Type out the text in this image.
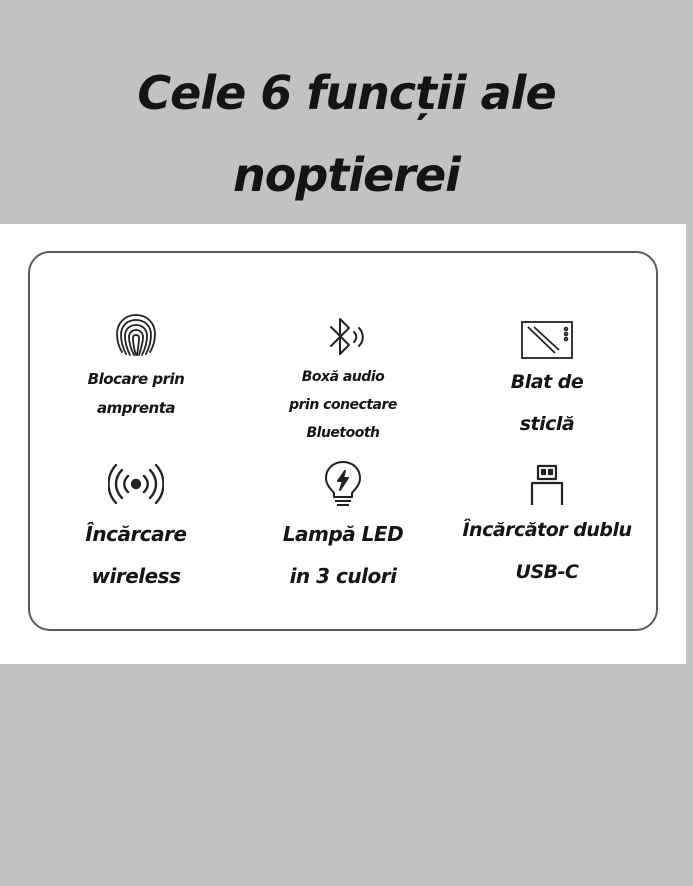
Cele 6 funcții ale
noptierei
Blocare prin
amprenta
Boxă audio
prin conectare
Bluetooth
Blat de
sticlă
Încărcare
wireless
Lampă LED
in 3 culori
Încărcător dublu
USB-C
